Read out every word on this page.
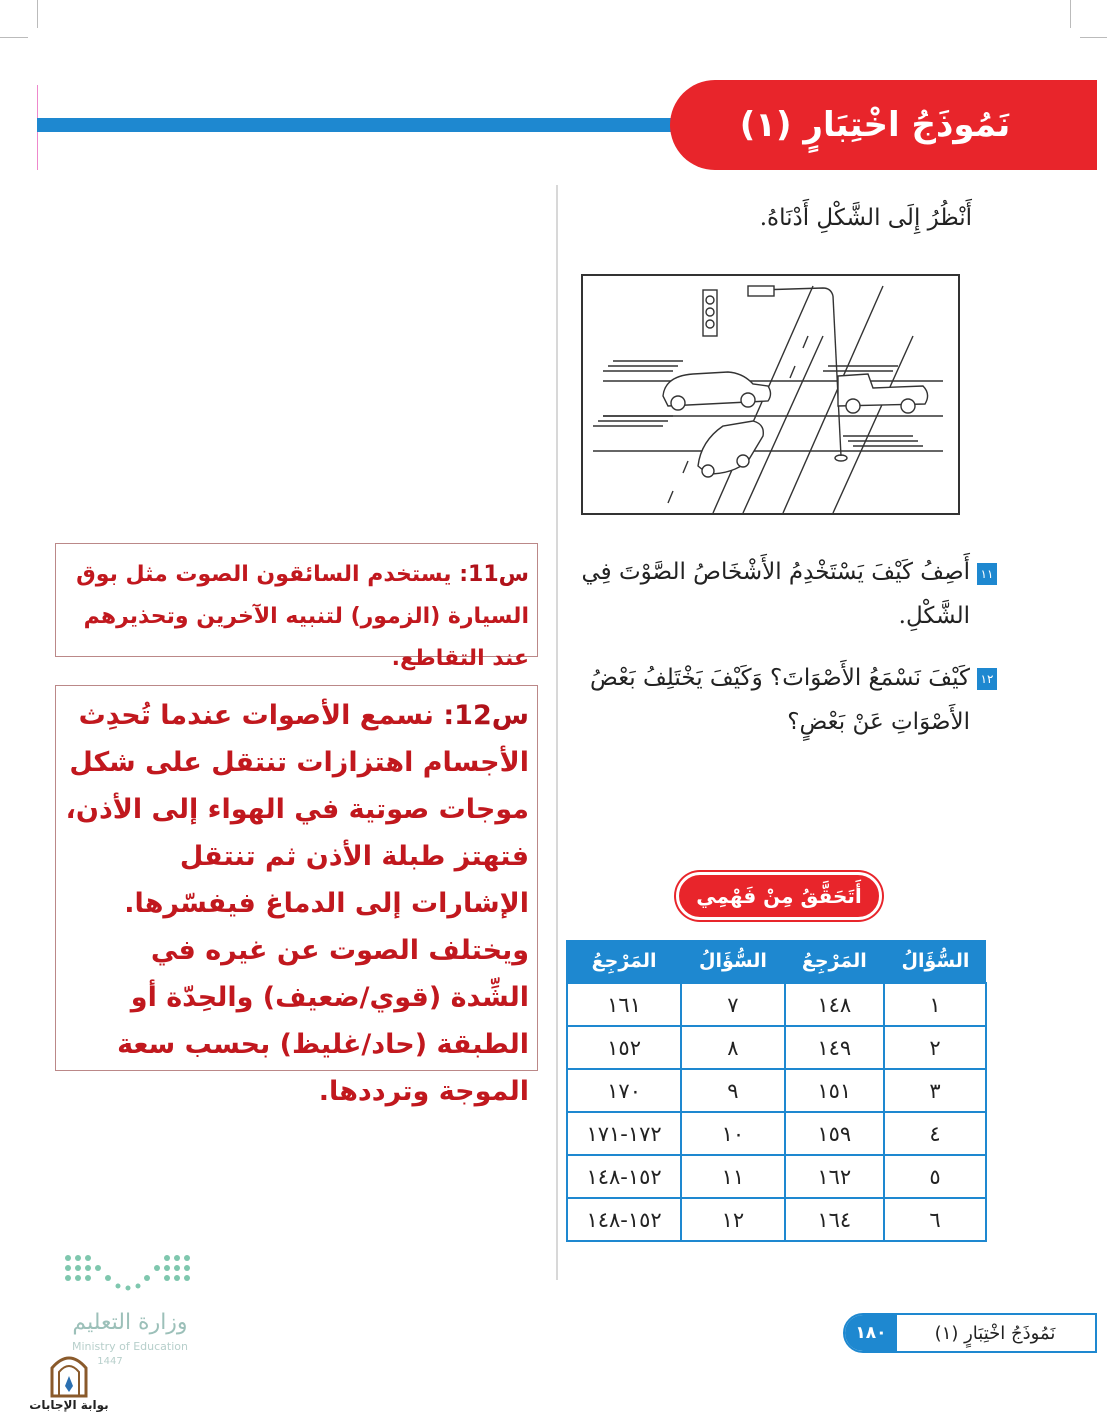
نَمُوذَجُ اخْتِبَارٍ (١)
أَنْظُرُ إِلَى الشَّكْلِ أَدْنَاهُ.
١١
أَصِفُ كَيْفَ يَسْتَخْدِمُ الأَشْخَاصُ الصَّوْتَ فِي الشَّكْلِ.
١٢
كَيْفَ نَسْمَعُ الأَصْوَاتَ؟ وَكَيْفَ يَخْتَلِفُ بَعْضُ الأَصْوَاتِ عَنْ بَعْضٍ؟
أَتَحَقَّقُ مِنْ فَهْمِي
السُّؤَالُ	المَرْجِعُ	السُّؤَالُ	المَرْجِعُ
١	١٤٨	٧	١٦١
٢	١٤٩	٨	١٥٢
٣	١٥١	٩	١٧٠
٤	١٥٩	١٠	١٧٢-١٧١
٥	١٦٢	١١	١٥٢-١٤٨
٦	١٦٤	١٢	١٥٢-١٤٨
س11: يستخدم السائقون الصوت مثل بوق السيارة (الزمور) لتنبيه الآخرين وتحذيرهم عند التقاطع.
س12: نسمع الأصوات عندما تُحدِث الأجسام اهتزازات تنتقل على شكل موجات صوتية في الهواء إلى الأذن، فتهتز طبلة الأذن ثم تنتقل الإشارات إلى الدماغ فيفسّرها.
ويختلف الصوت عن غيره في الشِّدة (قوي/ضعيف) والحِدّة أو الطبقة (حاد/غليظ) بحسب سعة الموجة وترددها.
١٨٠	نَمُوذَجُ اخْتِبَارٍ (١)
وزارة التعليم
Ministry of Education
1447
بوابة الإجابات
